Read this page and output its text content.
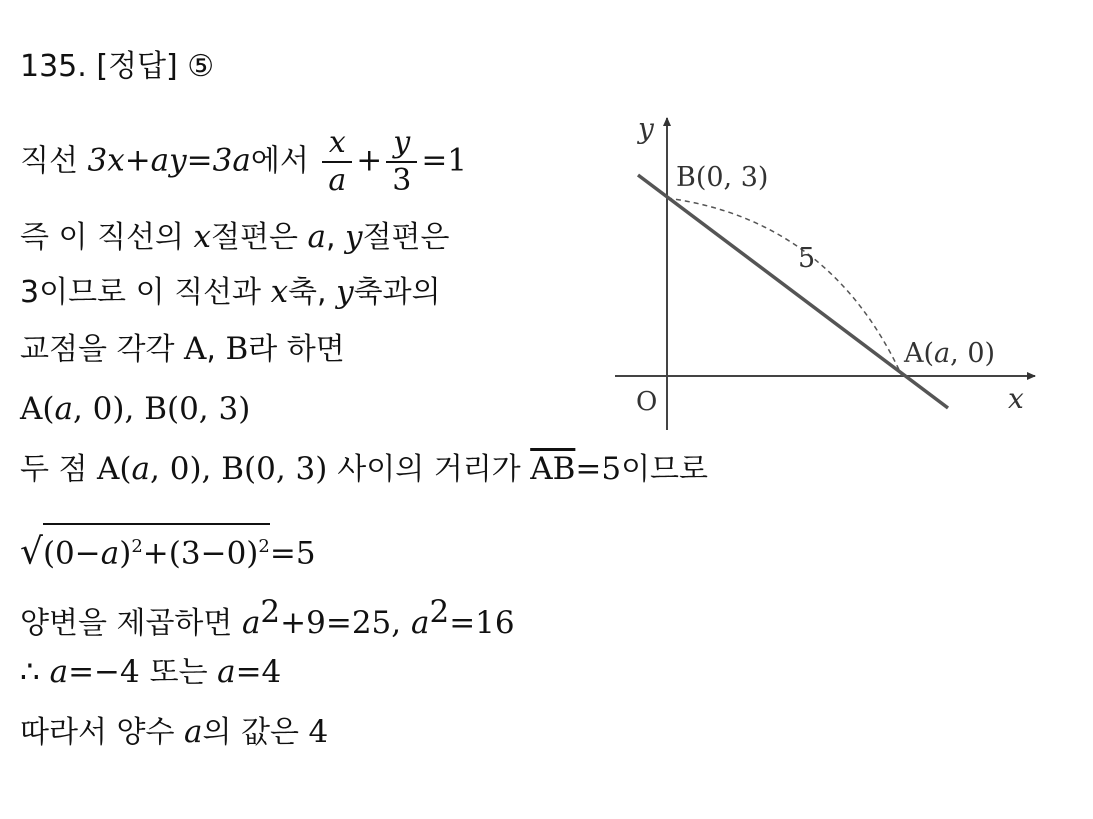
135. [정답] ⑤
직선 3x+ay=3a에서 $\frac{x}{a} + \frac{y}{3} =1$
즉 이 직선의 x절편은 a, y절편은
3이므로 이 직선과 x축, y축과의
교점을 각각 A, B라 하면
A(a, 0), B(0, 3)
두 점 A(a, 0), B(0, 3) 사이의 거리가 $\overline{AB}=5$이므로
$√(0-a)^2+(3-0)^2=5$
양변을 제곱하면 $a^2+9=25$, $a^2=16$
∴ a=−4 또는 a=4
따라서 양수 a의 값은 4
y
x
O
B(0, 3)
5
A(a, 0)
